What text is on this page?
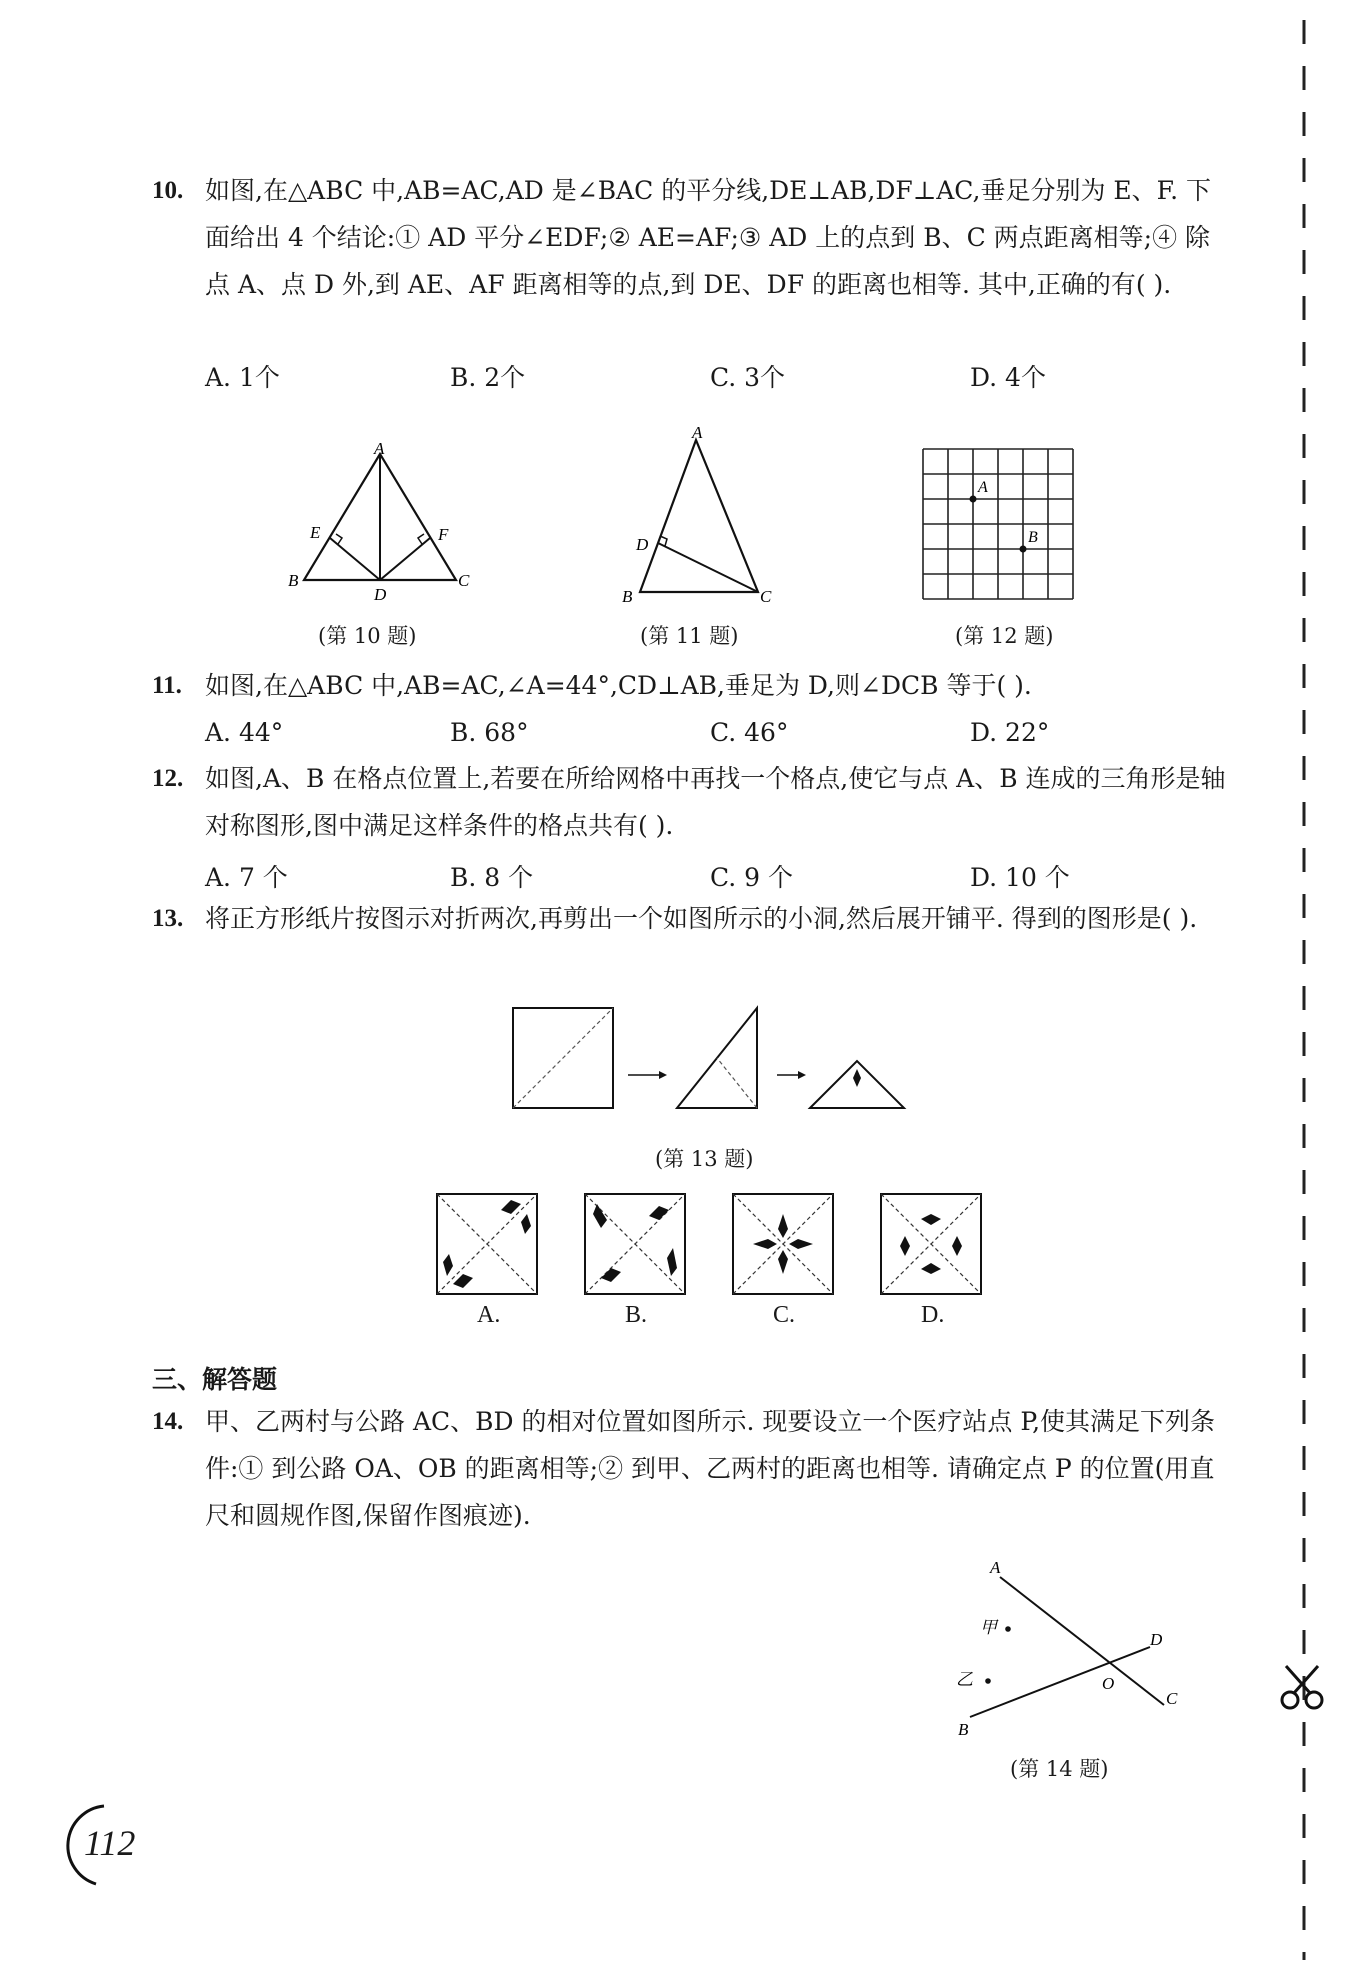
10. 如图,在△ABC 中,AB=AC,AD 是∠BAC 的平分线,DE⊥AB,DF⊥AC,垂足分别为 E、F. 下面给出 4 个结论:① AD 平分∠EDF;② AE=AF;③ AD 上的点到 B、C 两点距离相等;④ 除点 A、点 D 外,到 AE、AF 距离相等的点,到 DE、DF 的距离也相等. 其中,正确的有( ).
A. 1个	B. 2个	C. 3个	D. 4个
A
E	F
B
D
C
(第 10 题)
A
D
B	C
(第 11 题)
A
B
(第 12 题)
11. 如图,在△ABC 中,AB=AC,∠A=44°,CD⊥AB,垂足为 D,则∠DCB 等于( ).
A. 44°	B. 68°	C. 46°	D. 22°
12. 如图,A、B 在格点位置上,若要在所给网格中再找一个格点,使它与点 A、B 连成的三角形是轴对称图形,图中满足这样条件的格点共有( ).
A. 7 个	B. 8 个	C. 9 个	D. 10 个
13. 将正方形纸片按图示对折两次,再剪出一个如图所示的小洞,然后展开铺平. 得到的图形是( ).
(第 13 题)
A.	B.	C.	D.
三、解答题
14. 甲、乙两村与公路 AC、BD 的相对位置如图所示. 现要设立一个医疗站点 P,使其满足下列条件:① 到公路 OA、OB 的距离相等;② 到甲、乙两村的距离也相等. 请确定点 P 的位置(用直尺和圆规作图,保留作图痕迹).
A
甲
D
乙	O
C
B
(第 14 题)
112
